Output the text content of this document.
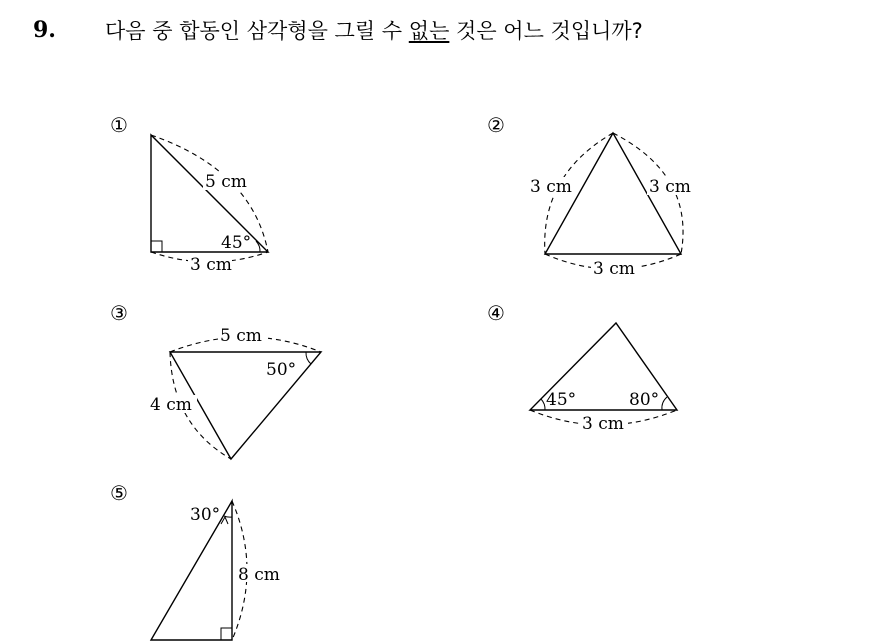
9.	다음 중 합동인 삼각형을 그릴 수 없는 것은 어느 것입니까?
①	②
③	④
⑤
5 cm
45°
3 cm
3 cm	3 cm
3 cm
5 cm
50°
4 cm	45°	80°
3 cm
30°
8 cm
